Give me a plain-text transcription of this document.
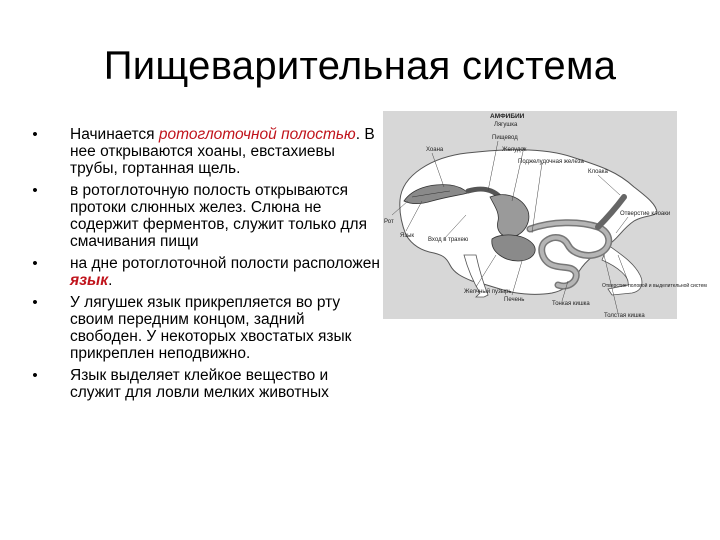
Пищеварительная система
• Начинается ротоглоточной полостью. В нее открываются хоаны, евстахиевы трубы, гортанная щель.
• в ротоглоточную полость открываются протоки слюнных желез. Слюна не содержит ферментов, служит только для смачивания пищи
• на дне ротоглоточной полости расположен язык.
• У лягушек язык прикрепляется во рту своим передним концом, задний свободен. У некоторых хвостатых язык прикреплен неподвижно.
• Язык выделяет клейкое вещество и служит для ловли мелких животных
АМФИБИИ
Лягушка
Пищевод
Желудок
Хоана
Поджелудочная железа
Клоака
Рот
Язык
Вход в трахею
Отверстие клоаки
Желчный пузырь
Печень
Тонкая кишка
Отверстие половой и выделительной систем
Толстая кишка
